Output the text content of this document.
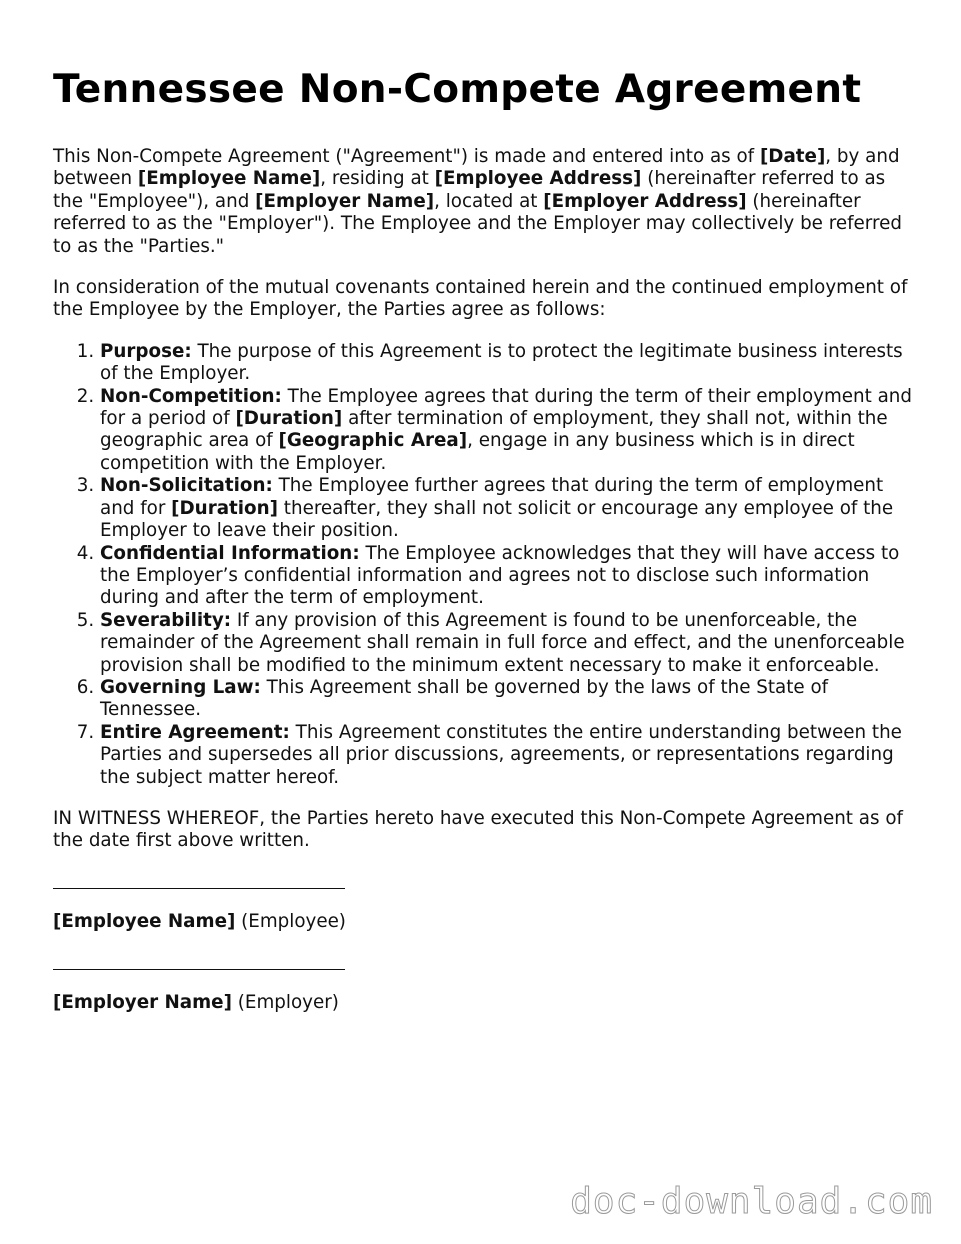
Tennessee Non-Compete Agreement

This Non-Compete Agreement ("Agreement") is made and entered into as of [Date], by and between [Employee Name], residing at [Employee Address] (hereinafter referred to as the "Employee"), and [Employer Name], located at [Employer Address] (hereinafter referred to as the "Employer"). The Employee and the Employer may collectively be referred to as the "Parties."

In consideration of the mutual covenants contained herein and the continued employment of the Employee by the Employer, the Parties agree as follows:

1. Purpose: The purpose of this Agreement is to protect the legitimate business interests of the Employer.
2. Non-Competition: The Employee agrees that during the term of their employment and for a period of [Duration] after termination of employment, they shall not, within the geographic area of [Geographic Area], engage in any business which is in direct competition with the Employer.
3. Non-Solicitation: The Employee further agrees that during the term of employment and for [Duration] thereafter, they shall not solicit or encourage any employee of the Employer to leave their position.
4. Confidential Information: The Employee acknowledges that they will have access to the Employer’s confidential information and agrees not to disclose such information during and after the term of employment.
5. Severability: If any provision of this Agreement is found to be unenforceable, the remainder of the Agreement shall remain in full force and effect, and the unenforceable provision shall be modified to the minimum extent necessary to make it enforceable.
6. Governing Law: This Agreement shall be governed by the laws of the State of Tennessee.
7. Entire Agreement: This Agreement constitutes the entire understanding between the Parties and supersedes all prior discussions, agreements, or representations regarding the subject matter hereof.

IN WITNESS WHEREOF, the Parties hereto have executed this Non-Compete Agreement as of the date first above written.

[Employee Name] (Employee)
[Employer Name] (Employer)
doc-download.com
